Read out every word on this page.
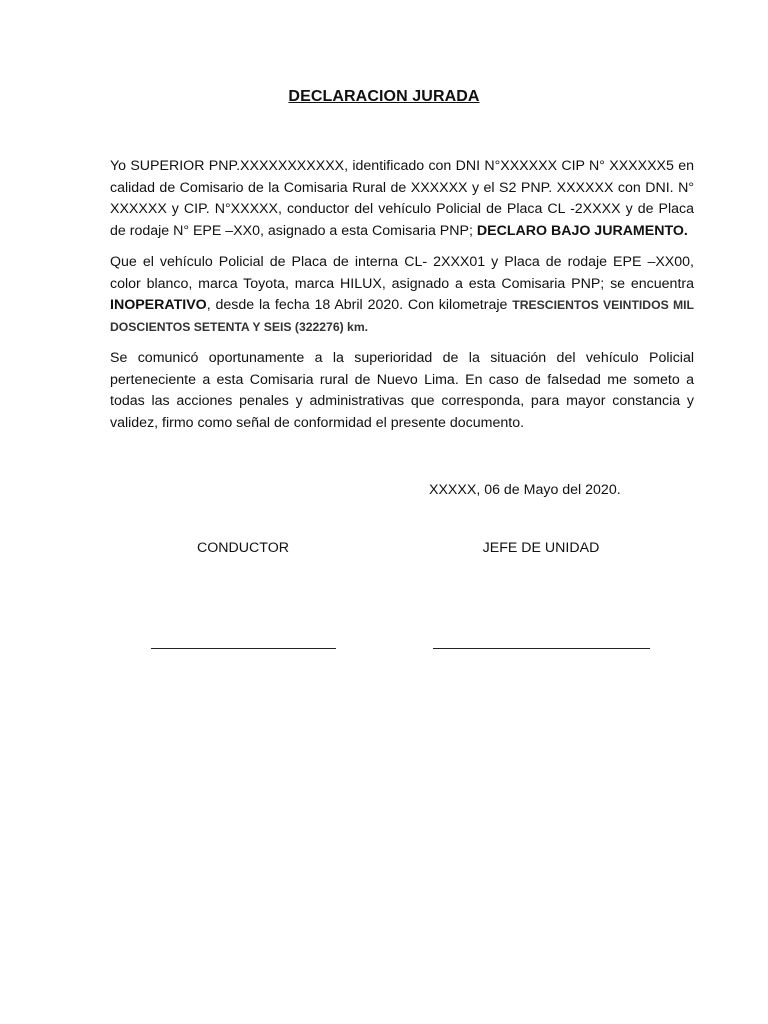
DECLARACION JURADA

Yo SUPERIOR PNP.XXXXXXXXXXX, identificado con DNI N°XXXXXX CIP N° XXXXXX5 en calidad de Comisario de la Comisaria Rural de XXXXXX y el S2 PNP. XXXXXX con DNI. N° XXXXXX y CIP. N°XXXXX, conductor del vehículo Policial de Placa CL -2XXXX y de Placa de rodaje N° EPE –XX0, asignado a esta Comisaria PNP; DECLARO BAJO JURAMENTO.

Que el vehículo Policial de Placa de interna CL- 2XXX01 y Placa de rodaje EPE –XX00, color blanco, marca Toyota, marca HILUX, asignado a esta Comisaria PNP; se encuentra INOPERATIVO, desde la fecha 18 Abril 2020. Con kilometraje TRESCIENTOS VEINTIDOS MIL DOSCIENTOS SETENTA Y SEIS (322276) km.

Se comunicó oportunamente a la superioridad de la situación del vehículo Policial perteneciente a esta Comisaria rural de Nuevo Lima. En caso de falsedad me someto a todas las acciones penales y administrativas que corresponda, para mayor constancia y validez, firmo como señal de conformidad el presente documento.

XXXXX, 06 de Mayo del 2020.
CONDUCTOR	JEFE DE UNIDAD
